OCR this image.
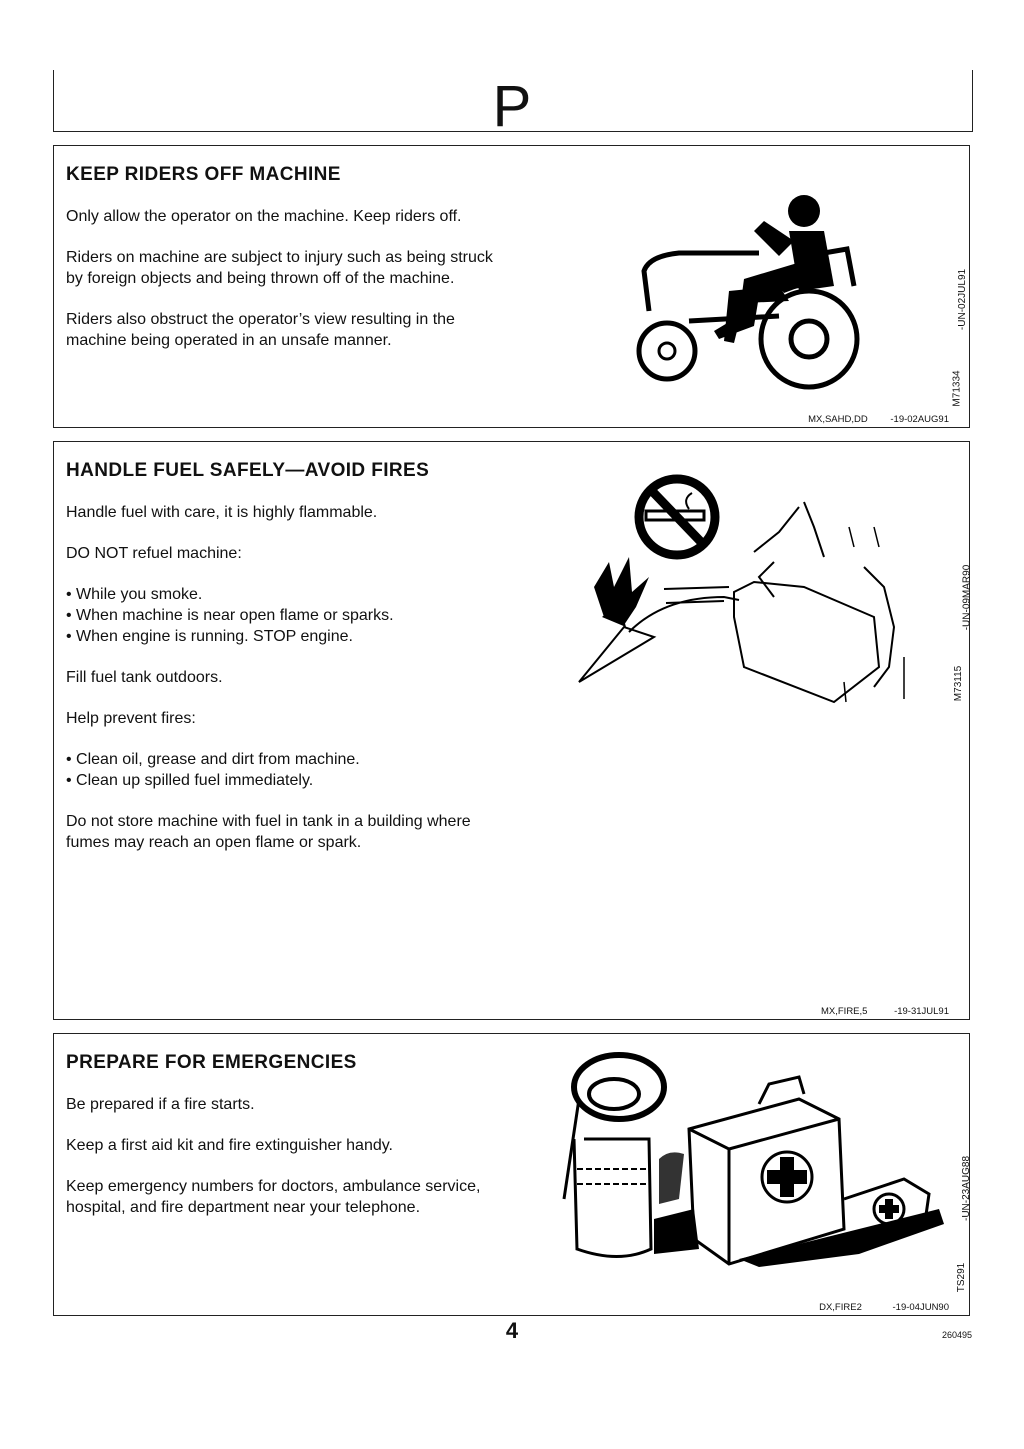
P
KEEP RIDERS OFF MACHINE

Only allow the operator on the machine. Keep riders off.

Riders on machine are subject to injury such as being struck by foreign objects and being thrown off of the machine.

Riders also obstruct the operator’s view resulting in the machine being operated in an unsafe manner.

M71334
-UN-02JUL91
MX,SAHD,DD -19-02AUG91
HANDLE FUEL SAFELY—AVOID FIRES

Handle fuel with care, it is highly flammable.

DO NOT refuel machine:

• While you smoke.
• When machine is near open flame or sparks.
• When engine is running. STOP engine.

Fill fuel tank outdoors.

Help prevent fires:

• Clean oil, grease and dirt from machine.
• Clean up spilled fuel immediately.

Do not store machine with fuel in tank in a building where fumes may reach an open flame or spark.

M73115
-UN-09MAR90
MX,FIRE,5	-19-31JUL91
PREPARE FOR EMERGENCIES

Be prepared if a fire starts.

Keep a first aid kit and fire extinguisher handy.

Keep emergency numbers for doctors, ambulance service, hospital, and fire department near your telephone.

TS291
-UN-23AUG88
DX,FIRE2	-19-04JUN90
4	260495
